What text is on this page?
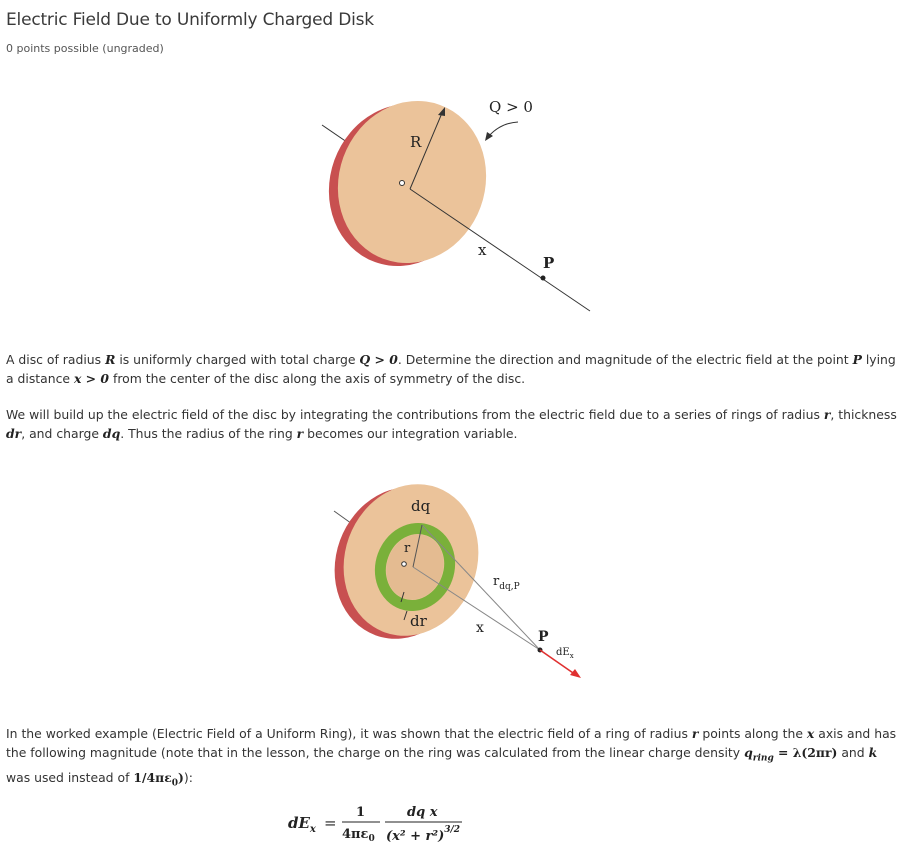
Electric Field Due to Uniformly Charged Disk
0 points possible (ungraded)
R
Q > 0
x
P
A disc of radius R is uniformly charged with total charge Q > 0. Determine the direction and magnitude of the electric field at the point P lying a distance x > 0 from the center of the disc along the axis of symmetry of the disc.
We will build up the electric field of the disc by integrating the contributions from the electric field due to a series of rings of radius r, thickness dr, and charge dq. Thus the radius of the ring r becomes our integration variable.
dq
r
dr
$r_{dq,P}$
x
P
$dE_x$
In the worked example (Electric Field of a Uniform Ring), it was shown that the electric field of a ring of radius r points along the x axis and has the following magnitude (note that in the lesson, the charge on the ring was calculated from the linear charge density $q_{ring} = \lambda(2\pi r)$ and k was used instead of $1/4\pi\varepsilon_0$)):
$dE_x$ =
1
$4\pi\varepsilon_0$
dq x
$(x^2 + r^2)^{3/2}$
